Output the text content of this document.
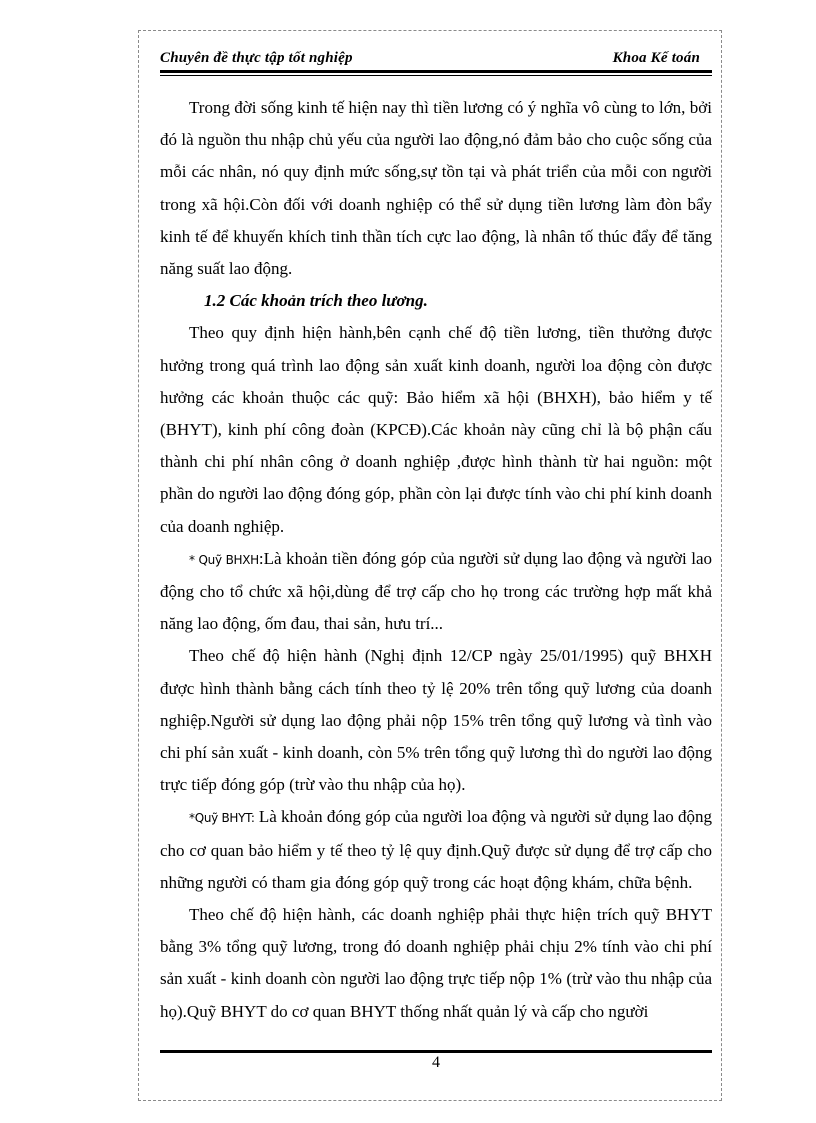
Chuyên đề thực tập tốt nghiệp	Khoa Kế toán

Trong đời sống kinh tế hiện nay thì tiền lương có ý nghĩa vô cùng to lớn, bởi đó là nguồn thu nhập chủ yếu của người lao động,nó đảm bảo cho cuộc sống của mỗi các nhân, nó quy định mức sống,sự tồn tại và phát triển của mỗi con người trong xã hội.Còn đối với doanh nghiệp có thể sử dụng tiền lương làm đòn bẩy kinh tế để khuyến khích tinh thần tích cực lao động, là nhân tố thúc đẩy để tăng năng suất lao động.

1.2 Các khoản trích theo lương.

Theo quy định hiện hành,bên cạnh chế độ tiền lương, tiền thưởng được hưởng trong quá trình lao động sản xuất kinh doanh, người loa động còn được hưởng các khoản thuộc các quỹ: Bảo hiểm xã hội (BHXH), bảo hiểm y tế (BHYT), kinh phí công đoàn (KPCĐ).Các khoản này cũng chỉ là bộ phận cấu thành chi phí nhân công ở doanh nghiệp ,được hình thành từ hai nguồn: một phần do người lao động đóng góp, phần còn lại được tính vào chi phí kinh doanh của doanh nghiệp.

* Quỹ BHXH:Là khoản tiền đóng góp của người sử dụng lao động và người lao động cho tổ chức xã hội,dùng để trợ cấp cho họ trong các trường hợp mất khả năng lao động, ốm đau, thai sản, hưu trí...

Theo chế độ hiện hành (Nghị định 12/CP ngày 25/01/1995) quỹ BHXH được hình thành bằng cách tính theo tỷ lệ 20% trên tổng quỹ lương của doanh nghiệp.Người sử dụng lao động phải nộp 15% trên tổng quỹ lương và tình vào chi phí sản xuất - kinh doanh, còn 5% trên tổng quỹ lương thì do người lao động trực tiếp đóng góp (trừ vào thu nhập của họ).

*Quỹ BHYT: Là khoản đóng góp của người loa động và người sử dụng lao động cho cơ quan bảo hiểm y tế theo tỷ lệ quy định.Quỹ được sử dụng để trợ cấp cho những người có tham gia đóng góp quỹ trong các hoạt động khám, chữa bệnh.

Theo chế độ hiện hành, các doanh nghiệp phải thực hiện trích quỹ BHYT bằng 3% tổng quỹ lương, trong đó doanh nghiệp phải chịu 2% tính vào chi phí sản xuất - kinh doanh còn người lao động trực tiếp nộp 1% (trừ vào thu nhập của họ).Quỹ BHYT do cơ quan BHYT thống nhất quản lý và cấp cho người

4
